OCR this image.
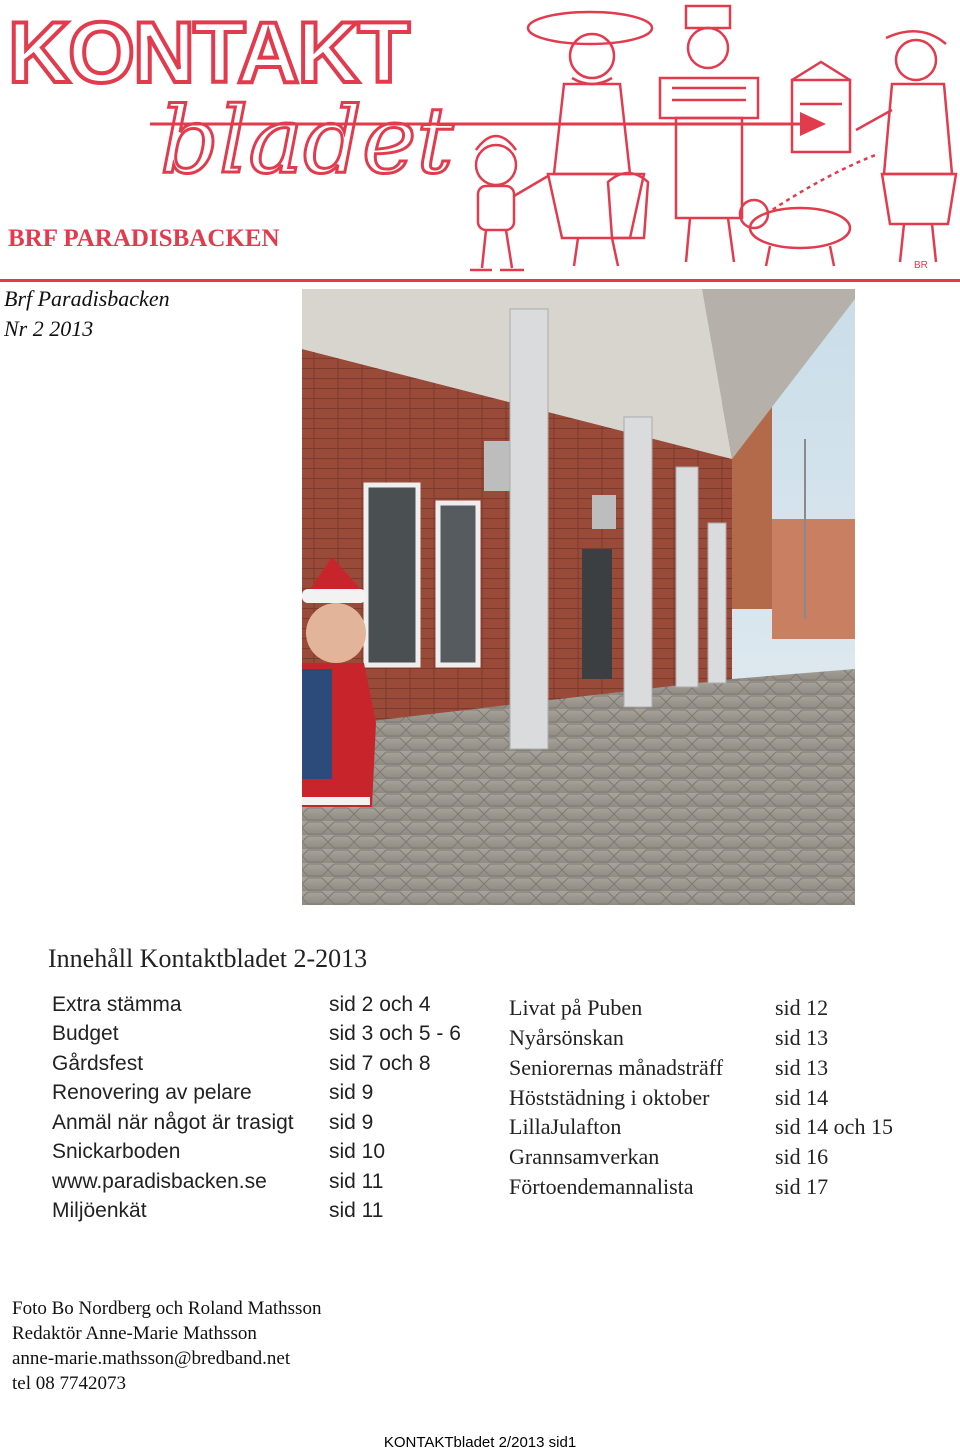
KONTAKT
bladet
BRF PARADISBACKEN
BR
Brf Paradisbacken
Nr 2 2013
Innehåll Kontaktbladet 2-2013
Extra stämma	sid 2 och 4
Budget	sid 3 och 5 - 6
Gårdsfest	sid 7 och 8
Renovering av pelare	sid 9
Anmäl när något är trasigt sid 9
Snickarboden	sid 10
www.paradisbacken.se	sid 11
Miljöenkät	sid 11
Livat på Puben	sid 12
Nyårsönskan	sid 13
Seniorernas månadsträff sid 13
Höststädning i oktober	sid 14
LillaJulafton	sid 14 och 15
Grannsamverkan	sid 16
Förtoendemannalista	sid 17
Foto Bo Nordberg och Roland Mathsson
Redaktör Anne-Marie Mathsson
anne-marie.mathsson@bredband.net
tel 08 7742073
KONTAKTbladet 2/2013 sid1
